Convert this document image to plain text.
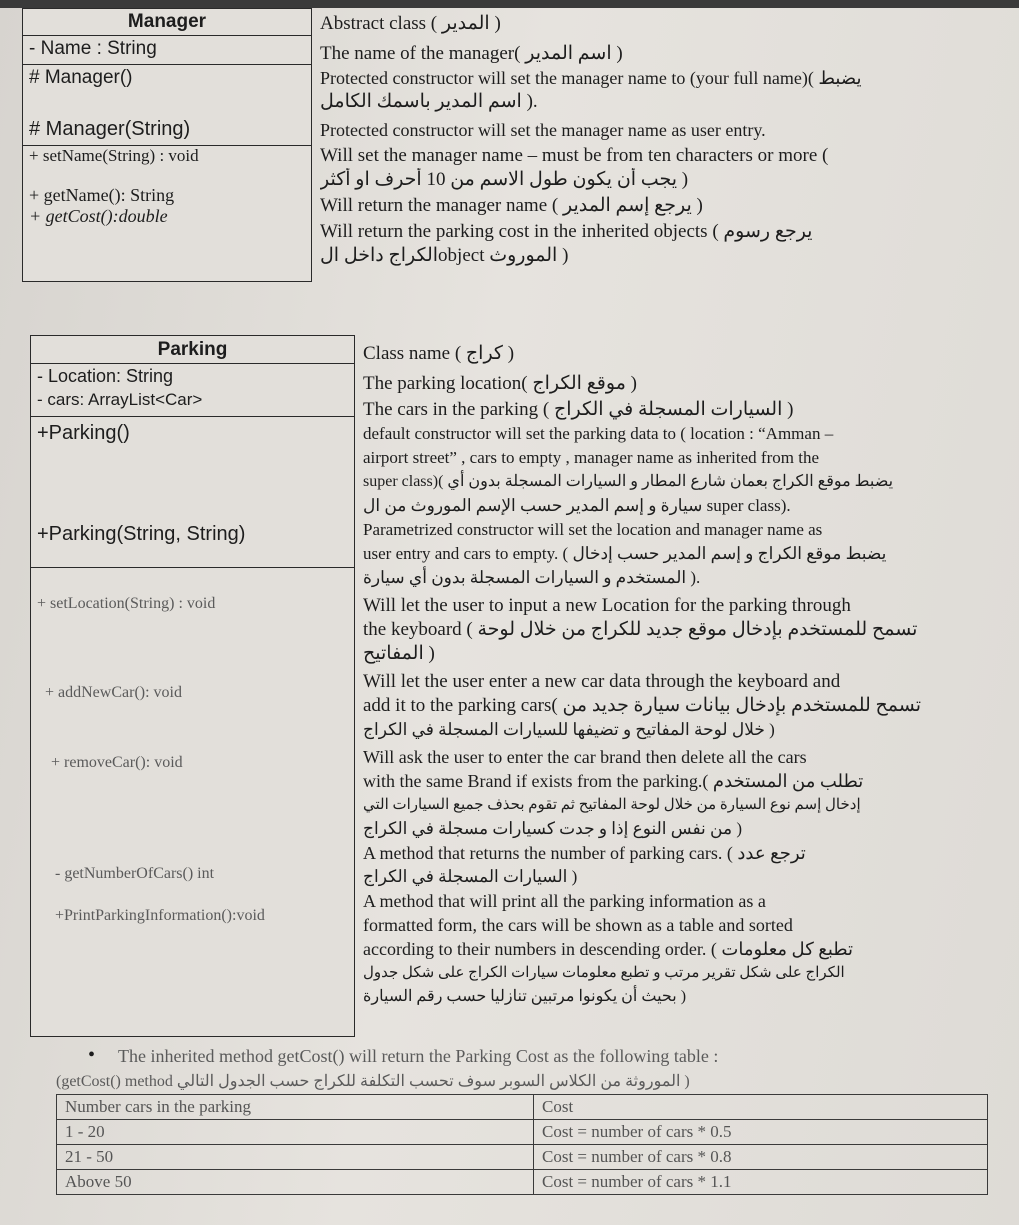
Manager
- Name : String
# Manager()
# Manager(String)
+ setName(String) : void
+ getName(): String
+ getCost():double
Abstract class ( المدير )
The name of the manager( اسم المدير )
Protected constructor will set the manager name to (your full name)( يضبط
اسم المدير باسمك الكامل ).
Protected constructor will set the manager name as user entry.
Will set the manager name – must be from ten characters or more (
يجب أن يكون طول الاسم من 10 أحرف او أكثر )
Will return the manager name ( يرجع إسم المدير )
Will return the parking cost in the inherited objects ( يرجع رسوم
الكراج داخل الobject الموروث )
Parking
- Location: String
- cars: ArrayList<Car>
+Parking()
+Parking(String, String)
+ setLocation(String) : void
+ addNewCar(): void
+ removeCar(): void
- getNumberOfCars() int
+PrintParkingInformation():void
Class name ( كراج )
The parking location( موقع الكراج )
The cars in the parking ( السيارات المسجلة في الكراج )
default constructor will set the parking data to ( location : “Amman –
airport street” , cars to empty , manager name as inherited from the
super class)( يضبط موقع الكراج بعمان شارع المطار و السيارات المسجلة بدون أي
سيارة و إسم المدير حسب الإسم الموروث من ال super class).
Parametrized constructor will set the location and manager name as
user entry and cars to empty. ( يضبط موقع الكراج و إسم المدير حسب إدخال
المستخدم و السيارات المسجلة بدون أي سيارة ).
Will let the user to input a new Location for the parking through
the keyboard ( تسمح للمستخدم بإدخال موقع جديد للكراج من خلال لوحة
المفاتيح )
Will let the user enter a new car data through the keyboard and
add it to the parking cars( تسمح للمستخدم بإدخال بيانات سيارة جديد من
خلال لوحة المفاتيح و تضيفها للسيارات المسجلة في الكراج )
Will ask the user to enter the car brand then delete all the cars
with the same Brand if exists from the parking.( تطلب من المستخدم
إدخال إسم نوع السيارة من خلال لوحة المفاتيح ثم تقوم بحذف جميع السيارات التي
من نفس النوع إذا و جدت كسيارات مسجلة في الكراج )
A method that returns the number of parking cars. ( ترجع عدد
السيارات المسجلة في الكراج )
A method that will print all the parking information as a
formatted form, the cars will be shown as a table and sorted
according to their numbers in descending order. ( تطبع كل معلومات
الكراج على شكل تقرير مرتب و تطبع معلومات سيارات الكراج على شكل جدول
بحيث أن يكونوا مرتبين تنازليا حسب رقم السيارة )
• The inherited method getCost() will return the Parking Cost as the following table :
(getCost() method الموروثة من الكلاس السوبر سوف تحسب التكلفة للكراج حسب الجدول التالي )
Number cars in the parking	Cost
1 - 20	Cost = number of cars * 0.5
21 - 50	Cost = number of cars * 0.8
Above 50	Cost = number of cars * 1.1
